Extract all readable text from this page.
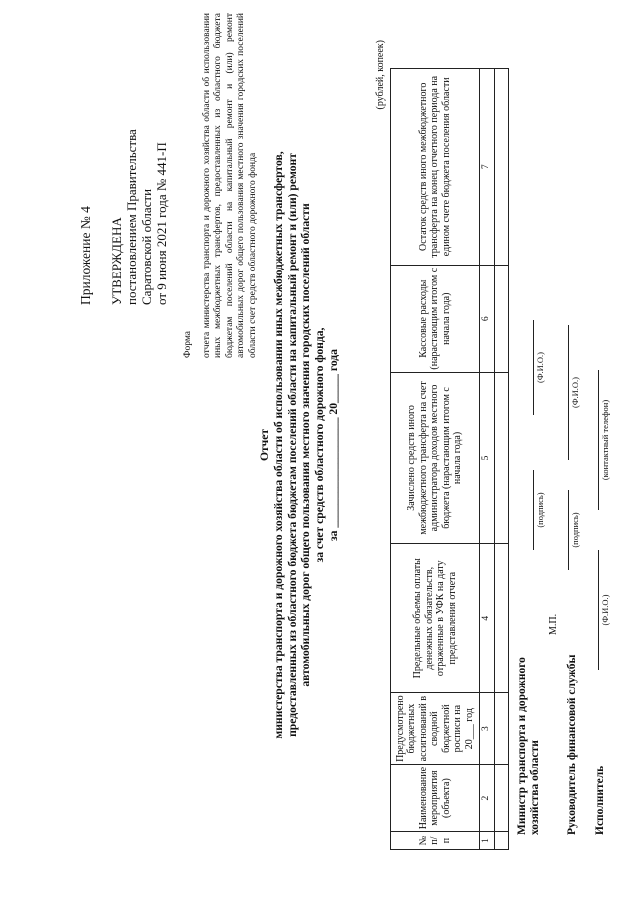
Приложение № 4 УТВЕРЖДЕНА постановлением Правительства Саратовской области от 9 июня 2021 года № 441-П
Форма отчета министерства транспорта и дорожного хозяйства области об использовании иных межбюджетных трансфертов, предоставленных из областного бюджета бюджетам поселений области на капитальный ремонт и (или) ремонт автомобильных дорог общего пользования местного значения городских поселений области счет средств областного дорожного фонда
Отчет министерства транспорта и дорожного хозяйства области об использовании иных межбюджетных трансфертов, предоставленных из областного бюджета бюджетам поселений области на капитальный ремонт и (или) ремонт автомобильных дорог общего пользования местного значения городских поселений области за счет средств областного дорожного фонда, за ___________________ 20_____ года
(рублей, копеек)
№ п/п	Наименование мероприятия (объекта)	Предусмотрено бюджетных ассигнований в сводной бюджетной росписи на 20___ год	Предельные объемы оплаты денежных обязательств, отраженные в УФК на дату представления отчета	Зачислено средств иного межбюджетного трансферта на счет администратора доходов местного бюджета (нарастающим итогом с начала года)	Кассовые расходы (нарастающим итогом с начала года)	Остаток средств иного межбюджетного трансферта на конец отчетного периода на едином счете бюджета поселения области
1	2	3	4	5	6	7

Министр транспорта и дорожного хозяйства области
М.П.
(подпись)
(Ф.И.О.)
Руководитель финансовой службы
(подпись)
(Ф.И.О.)
Исполнитель
(Ф.И.О.)
(контактный телефон)
